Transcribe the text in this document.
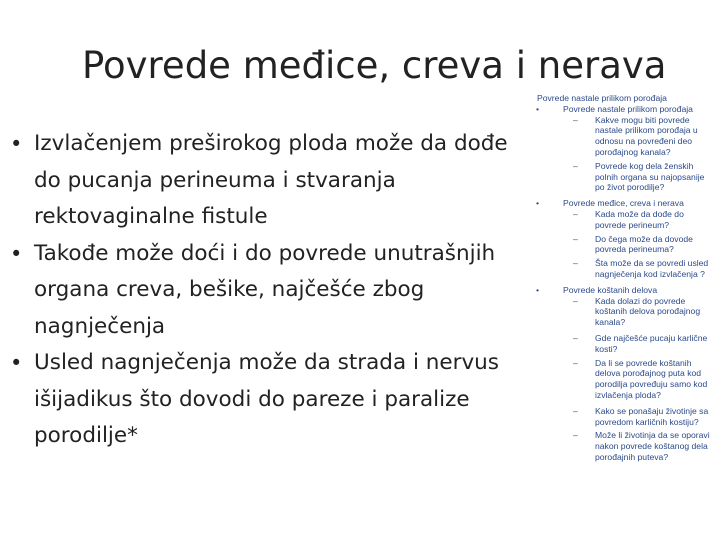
Povrede međice, creva i nerava
• Izvlačenjem preširokog ploda može da dođe do pucanja perineuma i stvaranja rektovaginalne fistule
• Takođe može doći i do povrede unutrašnjih organa creva, bešike, najčešće zbog nagnječenja
• Usled nagnječenja može da strada i nervus išijadikus što dovodi do pareze i paralize porodilje*
Povrede nastale prilikom porođaja
•	Povrede nastale prilikom porođaja
– Kakve mogu biti povrede nastale prilikom porođaja u odnosu na povređeni deo porođajnog kanala?
– Povrede kog dela ženskih polnih organa su najopsanije po život porodilje?
•	Povrede međice, creva i nerava
– Kada može da dođe do povrede perineum?
– Do čega može da dovode povreda perineuma?
– Šta može da se povredi usled nagnječenja kod izvlačenja ?
•	Povrede koštanih delova
– Kada dolazi do povrede koštanih delova porođajnog kanala?
– Gde najčešće pucaju karlične kosti?
– Da li se povrede koštanih delova porođajnog puta kod porodilja povređuju samo kod izvlačenja ploda?
– Kako se ponašaju životinje sa povredom karličnih kostiju?
– Može li životinja da se oporavi nakon povrede koštanog dela porođajnih puteva?
